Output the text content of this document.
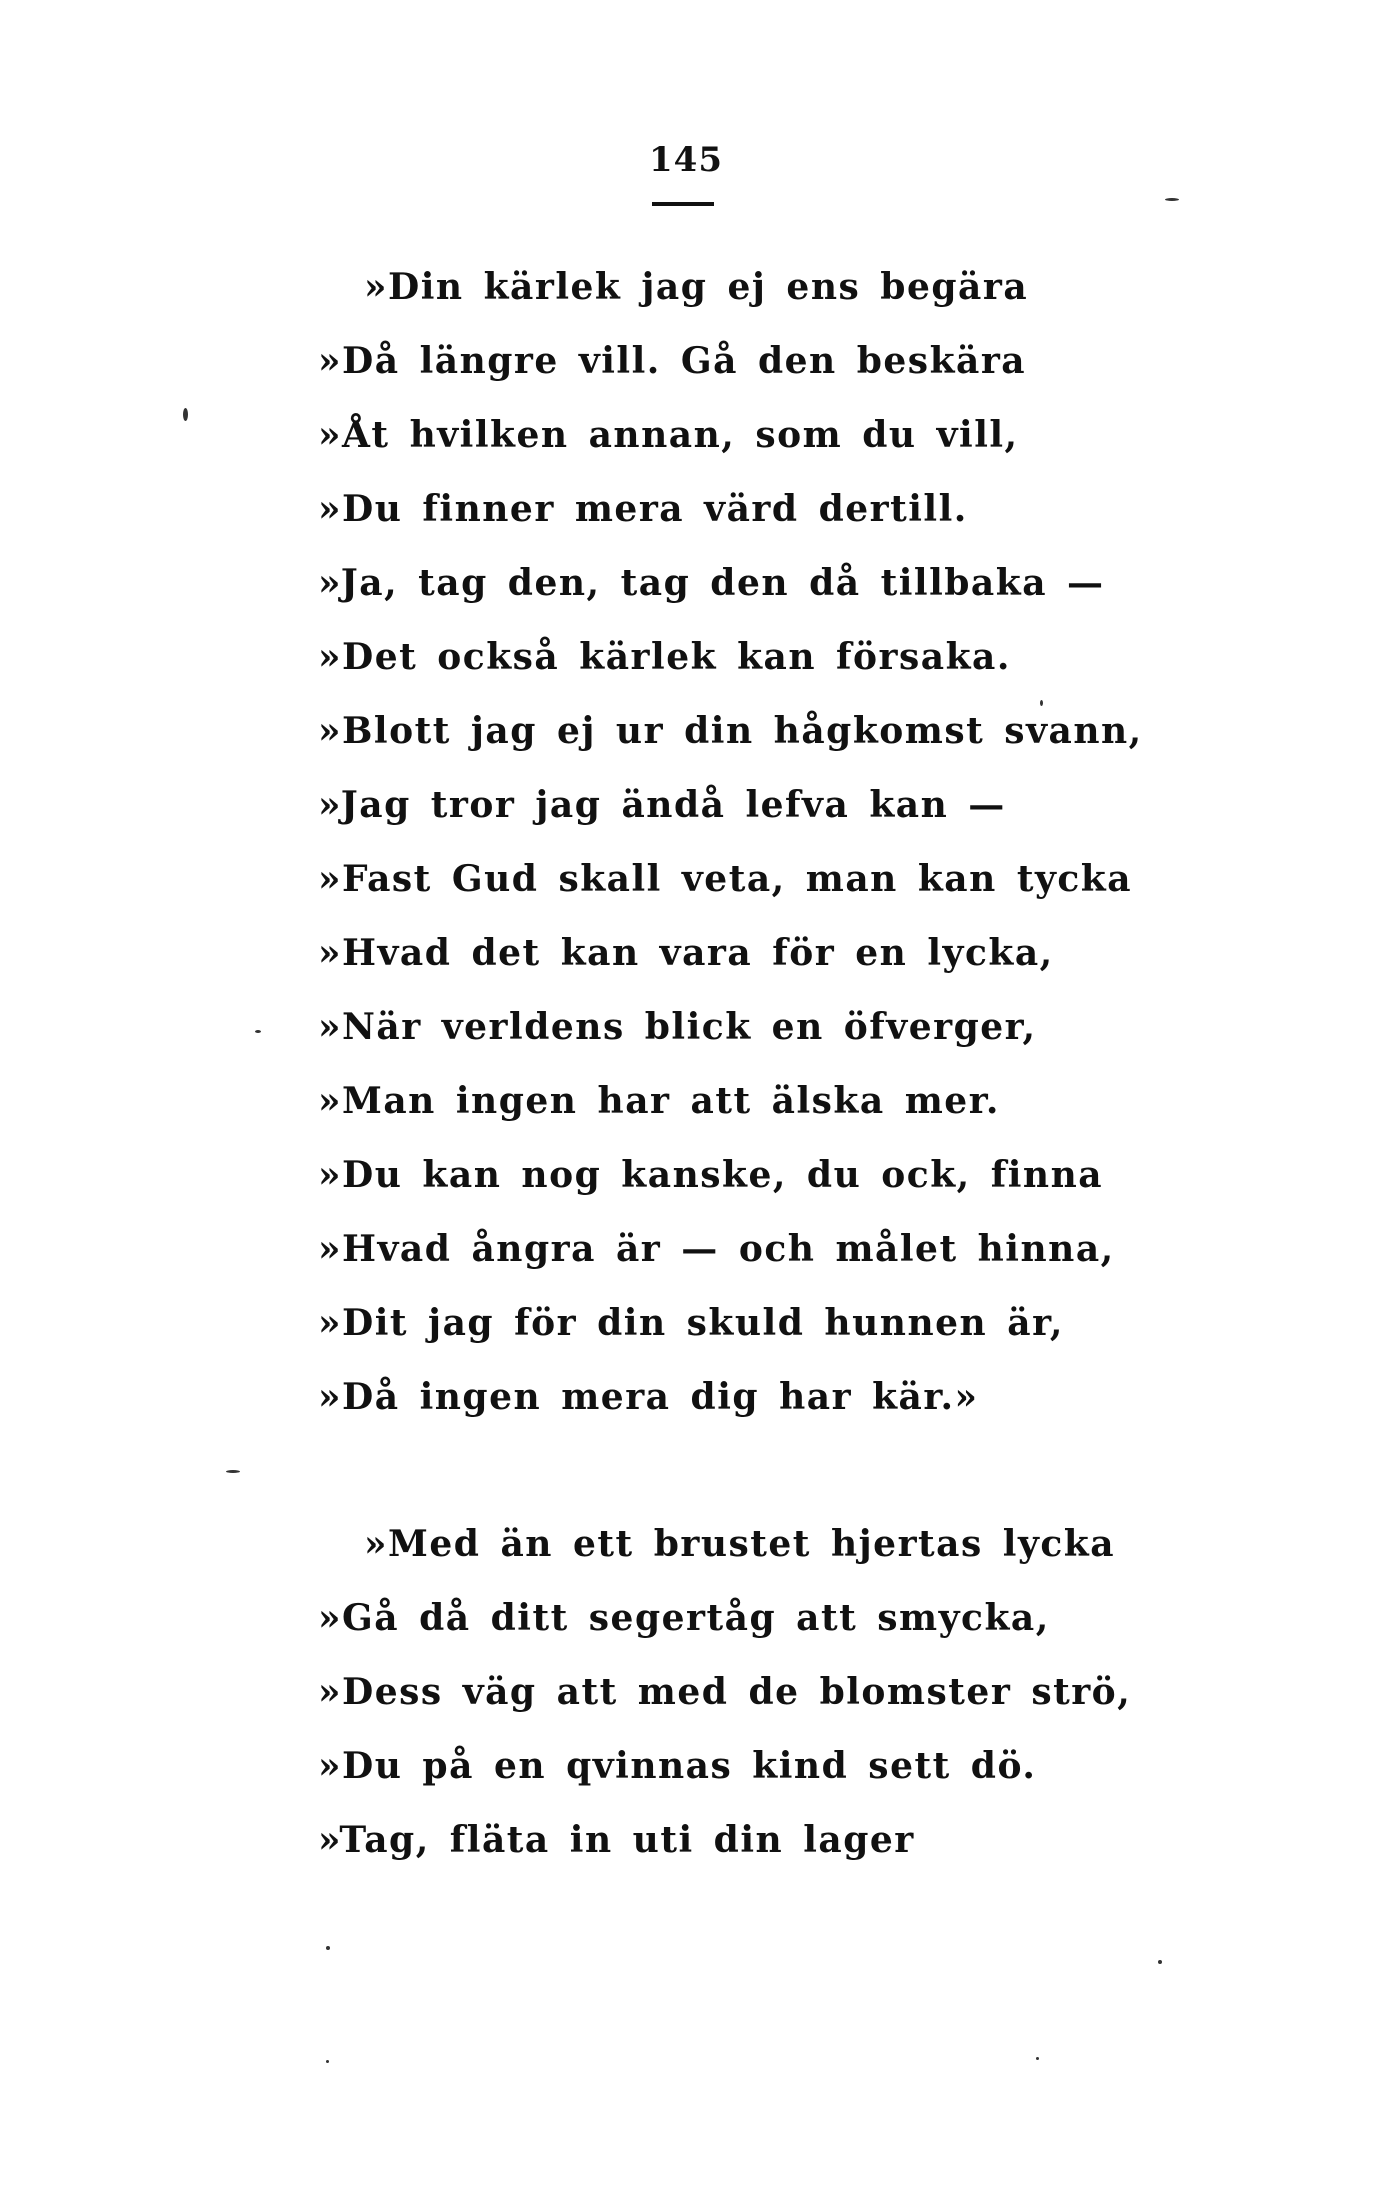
145
»Din kärlek jag ej ens begära
»Då längre vill. Gå den beskära
»Åt hvilken annan, som du vill,
»Du finner mera värd dertill.
»Ja, tag den, tag den då tillbaka —
»Det också kärlek kan försaka.
»Blott jag ej ur din hågkomst svann,
»Jag tror jag ändå lefva kan —
»Fast Gud skall veta, man kan tycka
»Hvad det kan vara för en lycka,
»När verldens blick en öfverger,
»Man ingen har att älska mer.
»Du kan nog kanske, du ock, finna
»Hvad ångra är — och målet hinna,
»Dit jag för din skuld hunnen är,
»Då ingen mera dig har kär.»
»Med än ett brustet hjertas lycka
»Gå då ditt segertåg att smycka,
»Dess väg att med de blomster strö,
»Du på en qvinnas kind sett dö.
»Tag, fläta in uti din lager
